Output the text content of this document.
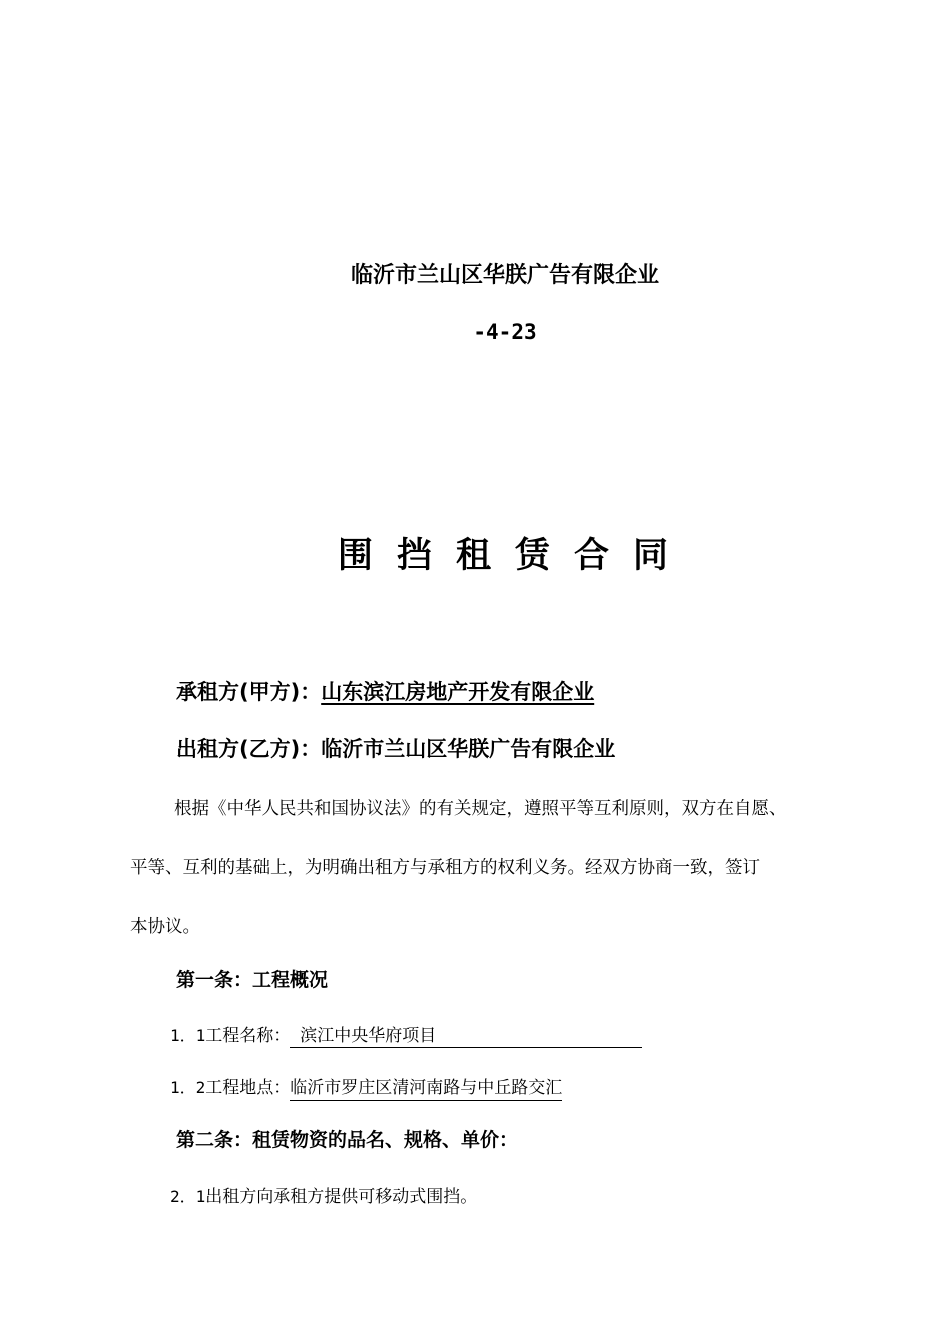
临沂市兰山区华朕广告有限企业
-4-23
围挡租赁合同
承租方(甲方)：山东滨江房地产开发有限企业
出租方(乙方)：临沂市兰山区华朕广告有限企业
根据《中华人民共和国协议法》的有关规定，遵照平等互利原则，双方在自愿、
平等、互利的基础上，为明确出租方与承租方的权利义务。经双方协商一致，签订
本协议。
第一条：工程概况
1．1工程名称： 滨江中央华府项目
1．2工程地点：临沂市罗庄区清河南路与中丘路交汇
第二条：租赁物资的品名、规格、单价：
2．1出租方向承租方提供可移动式围挡。
